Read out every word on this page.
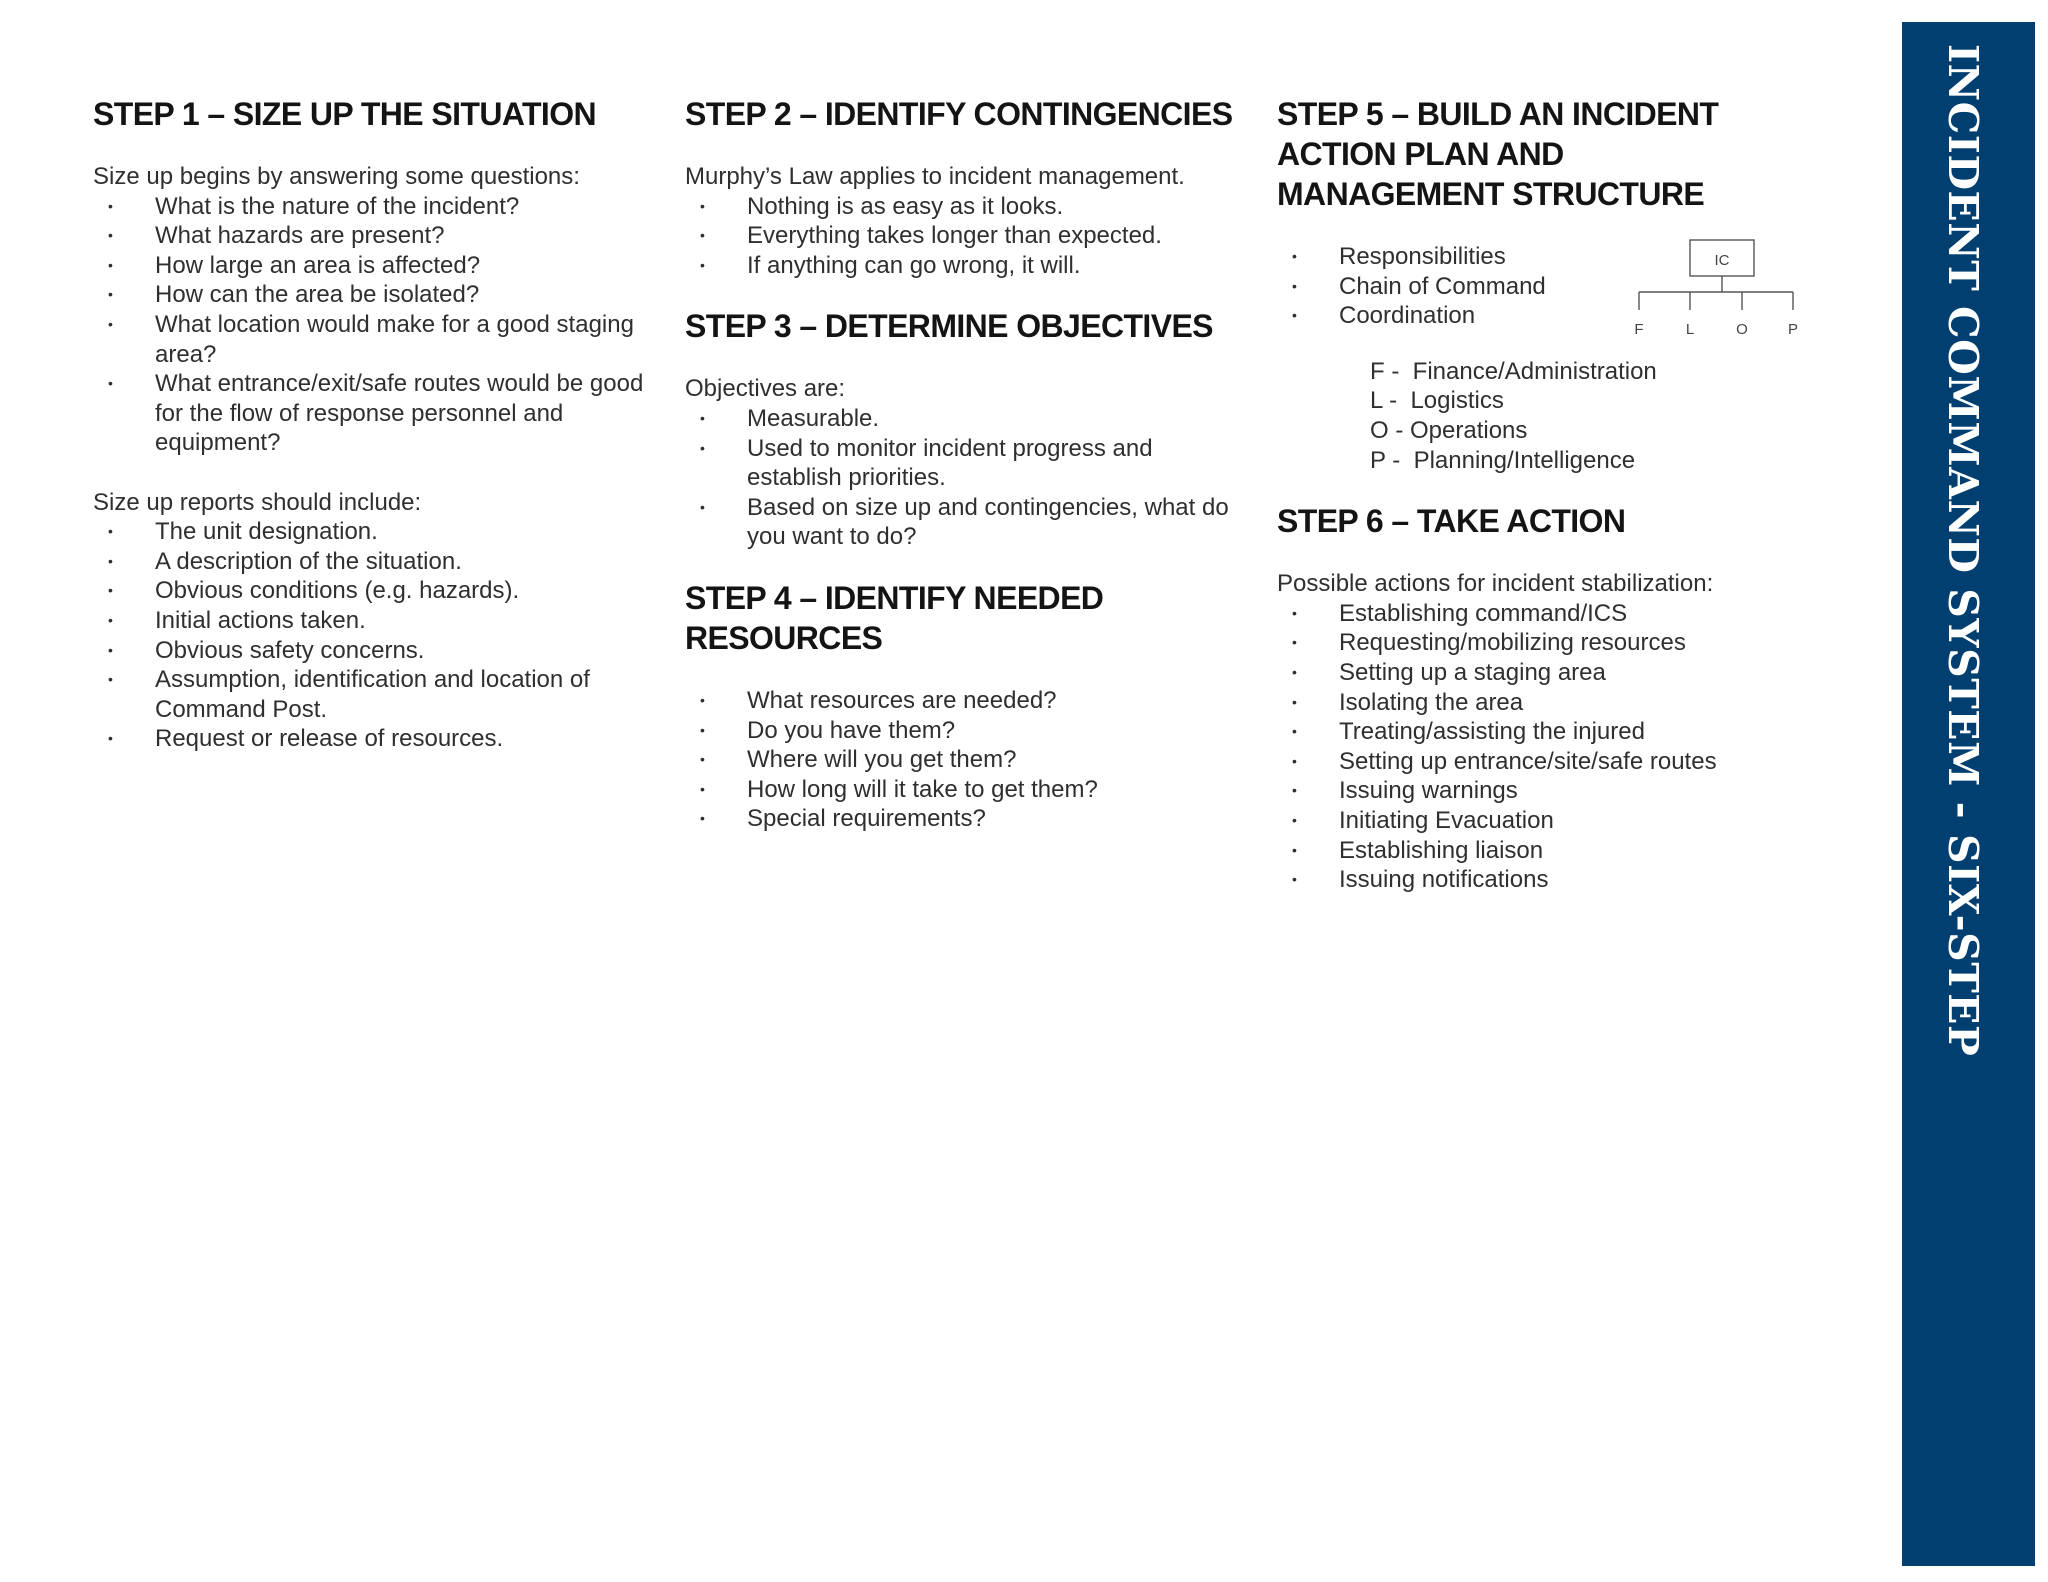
STEP 1 – SIZE UP THE SITUATION

Size up begins by answering some questions:

• What is the nature of the incident?
• What hazards are present?
• How large an area is affected?
• How can the area be isolated?
• What location would make for a good staging area?
• What entrance/exit/safe routes would be good for the flow of response personnel and equipment?

Size up reports should include:

• The unit designation.
• A description of the situation.
• Obvious conditions (e.g. hazards).
• Initial actions taken.
• Obvious safety concerns.
• Assumption, identification and location of Command Post.
• Request or release of resources.
STEP 2 – IDENTIFY CONTINGENCIES

Murphy’s Law applies to incident management.

• Nothing is as easy as it looks.
• Everything takes longer than expected.
• If anything can go wrong, it will.
STEP 3 – DETERMINE OBJECTIVES

Objectives are:

• Measurable.
• Used to monitor incident progress and establish priorities.
• Based on size up and contingencies, what do you want to do?
STEP 4 – IDENTIFY NEEDED RESOURCES
• What resources are needed?
• Do you have them?
• Where will you get them?
• How long will it take to get them?
• Special requirements?
STEP 5 – BUILD AN INCIDENT ACTION PLAN AND MANAGEMENT STRUCTURE
• Responsibilities
• Chain of Command
• Coordination
IC
F	L	O	P
F -  Finance/Administration
L -  Logistics
O - Operations
P -  Planning/Intelligence
STEP 6 – TAKE ACTION

Possible actions for incident stabilization:

• Establishing command/ICS
• Requesting/mobilizing resources
• Setting up a staging area
• Isolating the area
• Treating/assisting the injured
• Setting up entrance/site/safe routes
• Issuing warnings
• Initiating Evacuation
• Establishing liaison
• Issuing notifications	INCIDENT COMMAND SYSTEM - SIX-STEP
